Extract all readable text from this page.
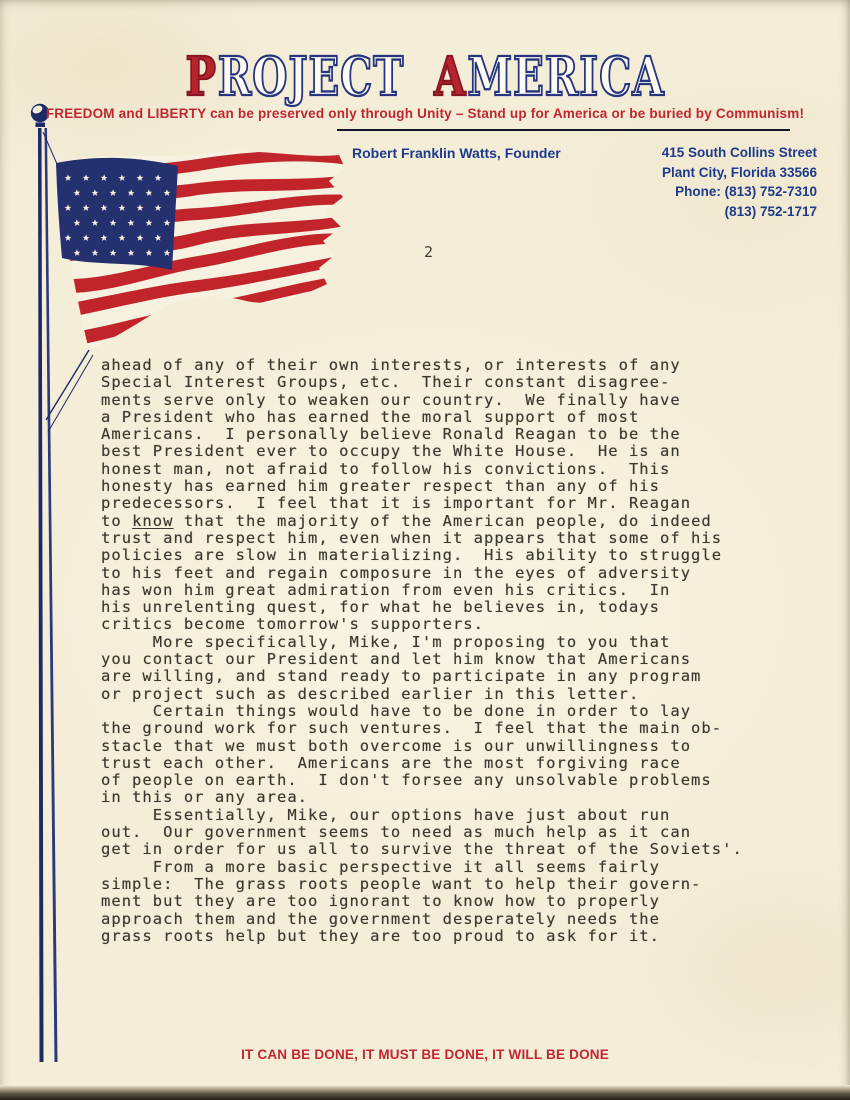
PROJECT AMERICA
FREEDOM and LIBERTY can be preserved only through Unity – Stand up for America or be buried by Communism!
Robert Franklin Watts, Founder	415 South Collins Street
Plant City, Florida 33566
Phone: (813) 752-7310
(813) 752-1717
2
ahead of any of their own interests, or interests of any
Special Interest Groups, etc.  Their constant disagree-
ments serve only to weaken our country.  We finally have
a President who has earned the moral support of most
Americans.  I personally believe Ronald Reagan to be the
best President ever to occupy the White House.  He is an
honest man, not afraid to follow his convictions.  This
honesty has earned him greater respect than any of his
predecessors.  I feel that it is important for Mr. Reagan
to know that the majority of the American people, do indeed
trust and respect him, even when it appears that some of his
policies are slow in materializing.  His ability to struggle
to his feet and regain composure in the eyes of adversity
has won him great admiration from even his critics.  In
his unrelenting quest, for what he believes in, todays
critics become tomorrow's supporters.
More specifically, Mike, I'm proposing to you that
you contact our President and let him know that Americans
are willing, and stand ready to participate in any program
or project such as described earlier in this letter.
Certain things would have to be done in order to lay
the ground work for such ventures.  I feel that the main ob-
stacle that we must both overcome is our unwillingness to
trust each other.  Americans are the most forgiving race
of people on earth.  I don't forsee any unsolvable problems
in this or any area.
Essentially, Mike, our options have just about run
out.  Our government seems to need as much help as it can
get in order for us all to survive the threat of the Soviets'.
From a more basic perspective it all seems fairly
simple:  The grass roots people want to help their govern-
ment but they are too ignorant to know how to properly
approach them and the government desperately needs the
grass roots help but they are too proud to ask for it.
IT CAN BE DONE, IT MUST BE DONE, IT WILL BE DONE
